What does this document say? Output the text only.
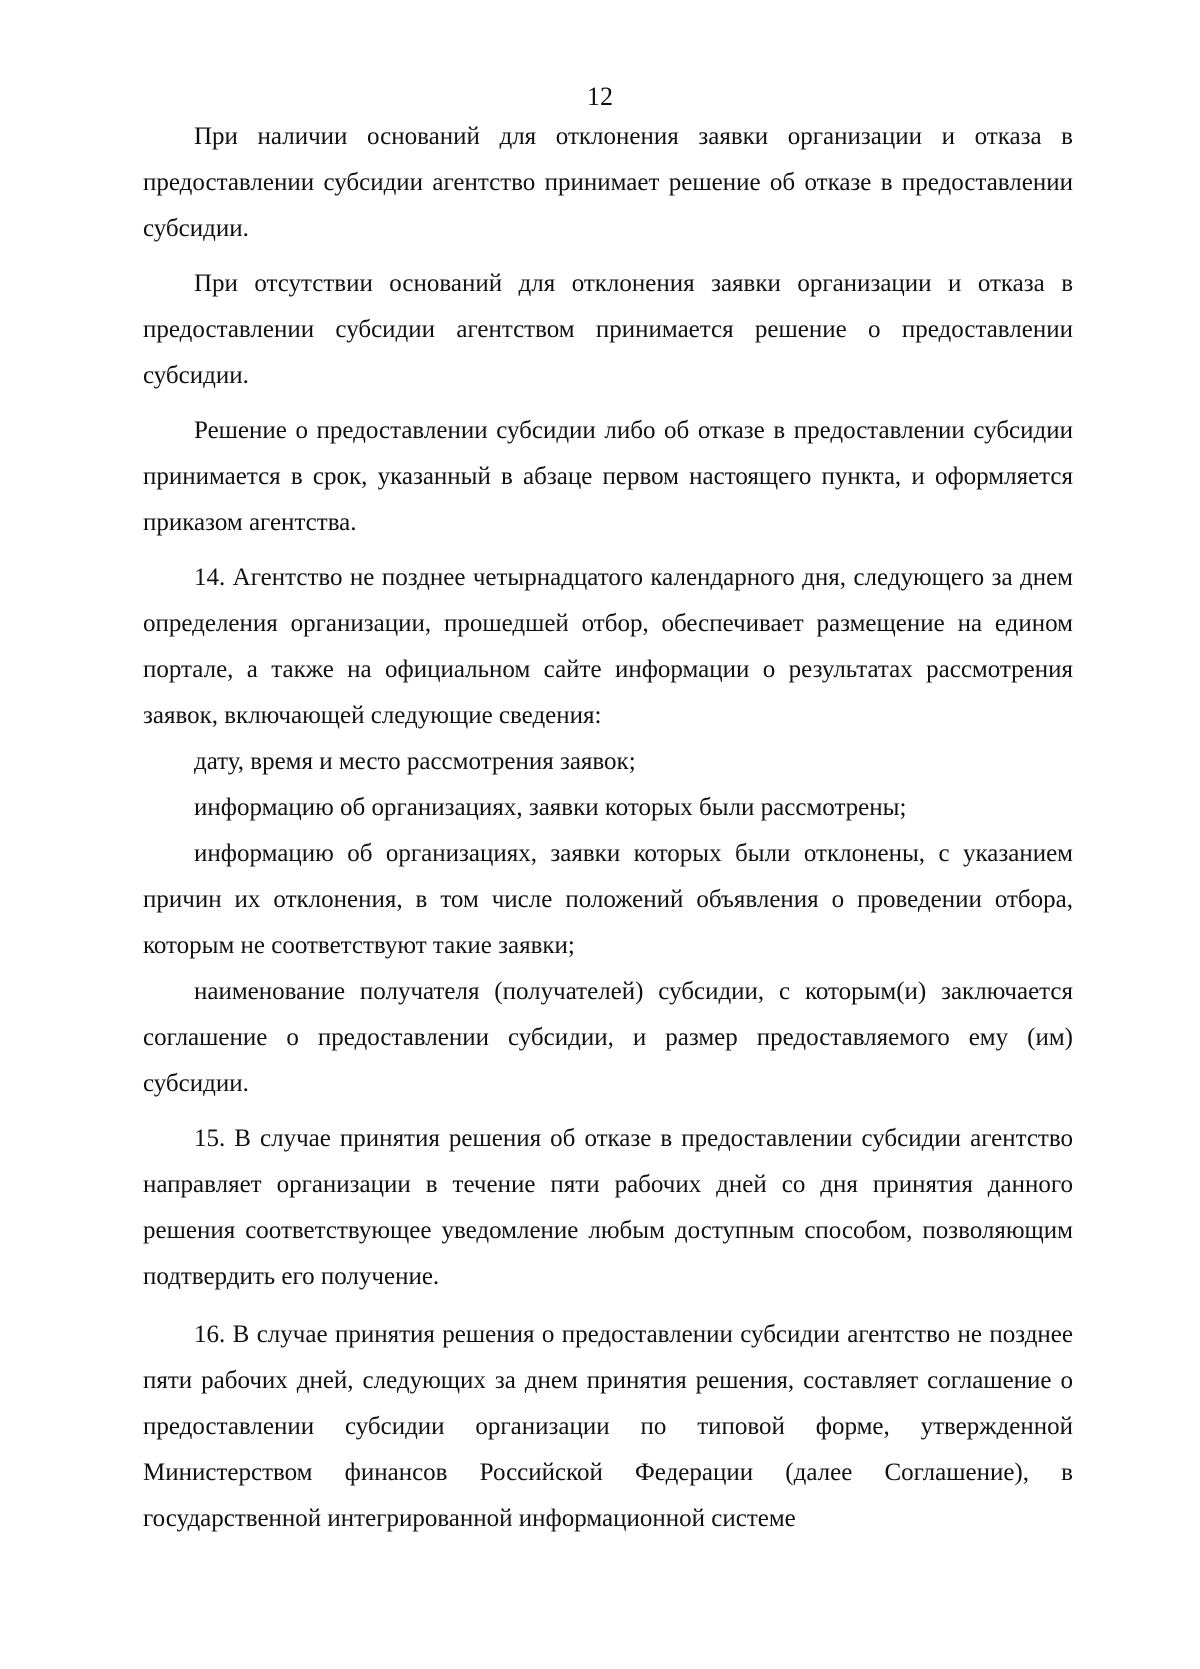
12

При наличии оснований для отклонения заявки организации и отказа в предоставлении субсидии агентство принимает решение об отказе в предоставлении субсидии.

При отсутствии оснований для отклонения заявки организации и отказа в предоставлении субсидии агентством принимается решение о предоставлении субсидии.

Решение о предоставлении субсидии либо об отказе в предоставлении субсидии принимается в срок, указанный в абзаце первом настоящего пункта, и оформляется приказом агентства.

14. Агентство не позднее четырнадцатого календарного дня, следующего за днем определения организации, прошедшей отбор, обеспечивает размещение на едином портале, а также на официальном сайте информации о результатах рассмотрения заявок, включающей следующие сведения:

дату, время и место рассмотрения заявок;

информацию об организациях, заявки которых были рассмотрены;

информацию об организациях, заявки которых были отклонены, с указанием причин их отклонения, в том числе положений объявления о проведении отбора, которым не соответствуют такие заявки;

наименование получателя (получателей) субсидии, с которым(и) заключается соглашение о предоставлении субсидии, и размер предоставляемого ему (им) субсидии.

15. В случае принятия решения об отказе в предоставлении субсидии агентство направляет организации в течение пяти рабочих дней со дня принятия данного решения соответствующее уведомление любым доступным способом, позволяющим подтвердить его получение.

16. В случае принятия решения о предоставлении субсидии агентство не позднее пяти рабочих дней, следующих за днем принятия решения, составляет соглашение о предоставлении субсидии организации по типовой форме, утвержденной Министерством финансов Российской Федерации (далее Соглашение), в государственной интегрированной информационной системе
